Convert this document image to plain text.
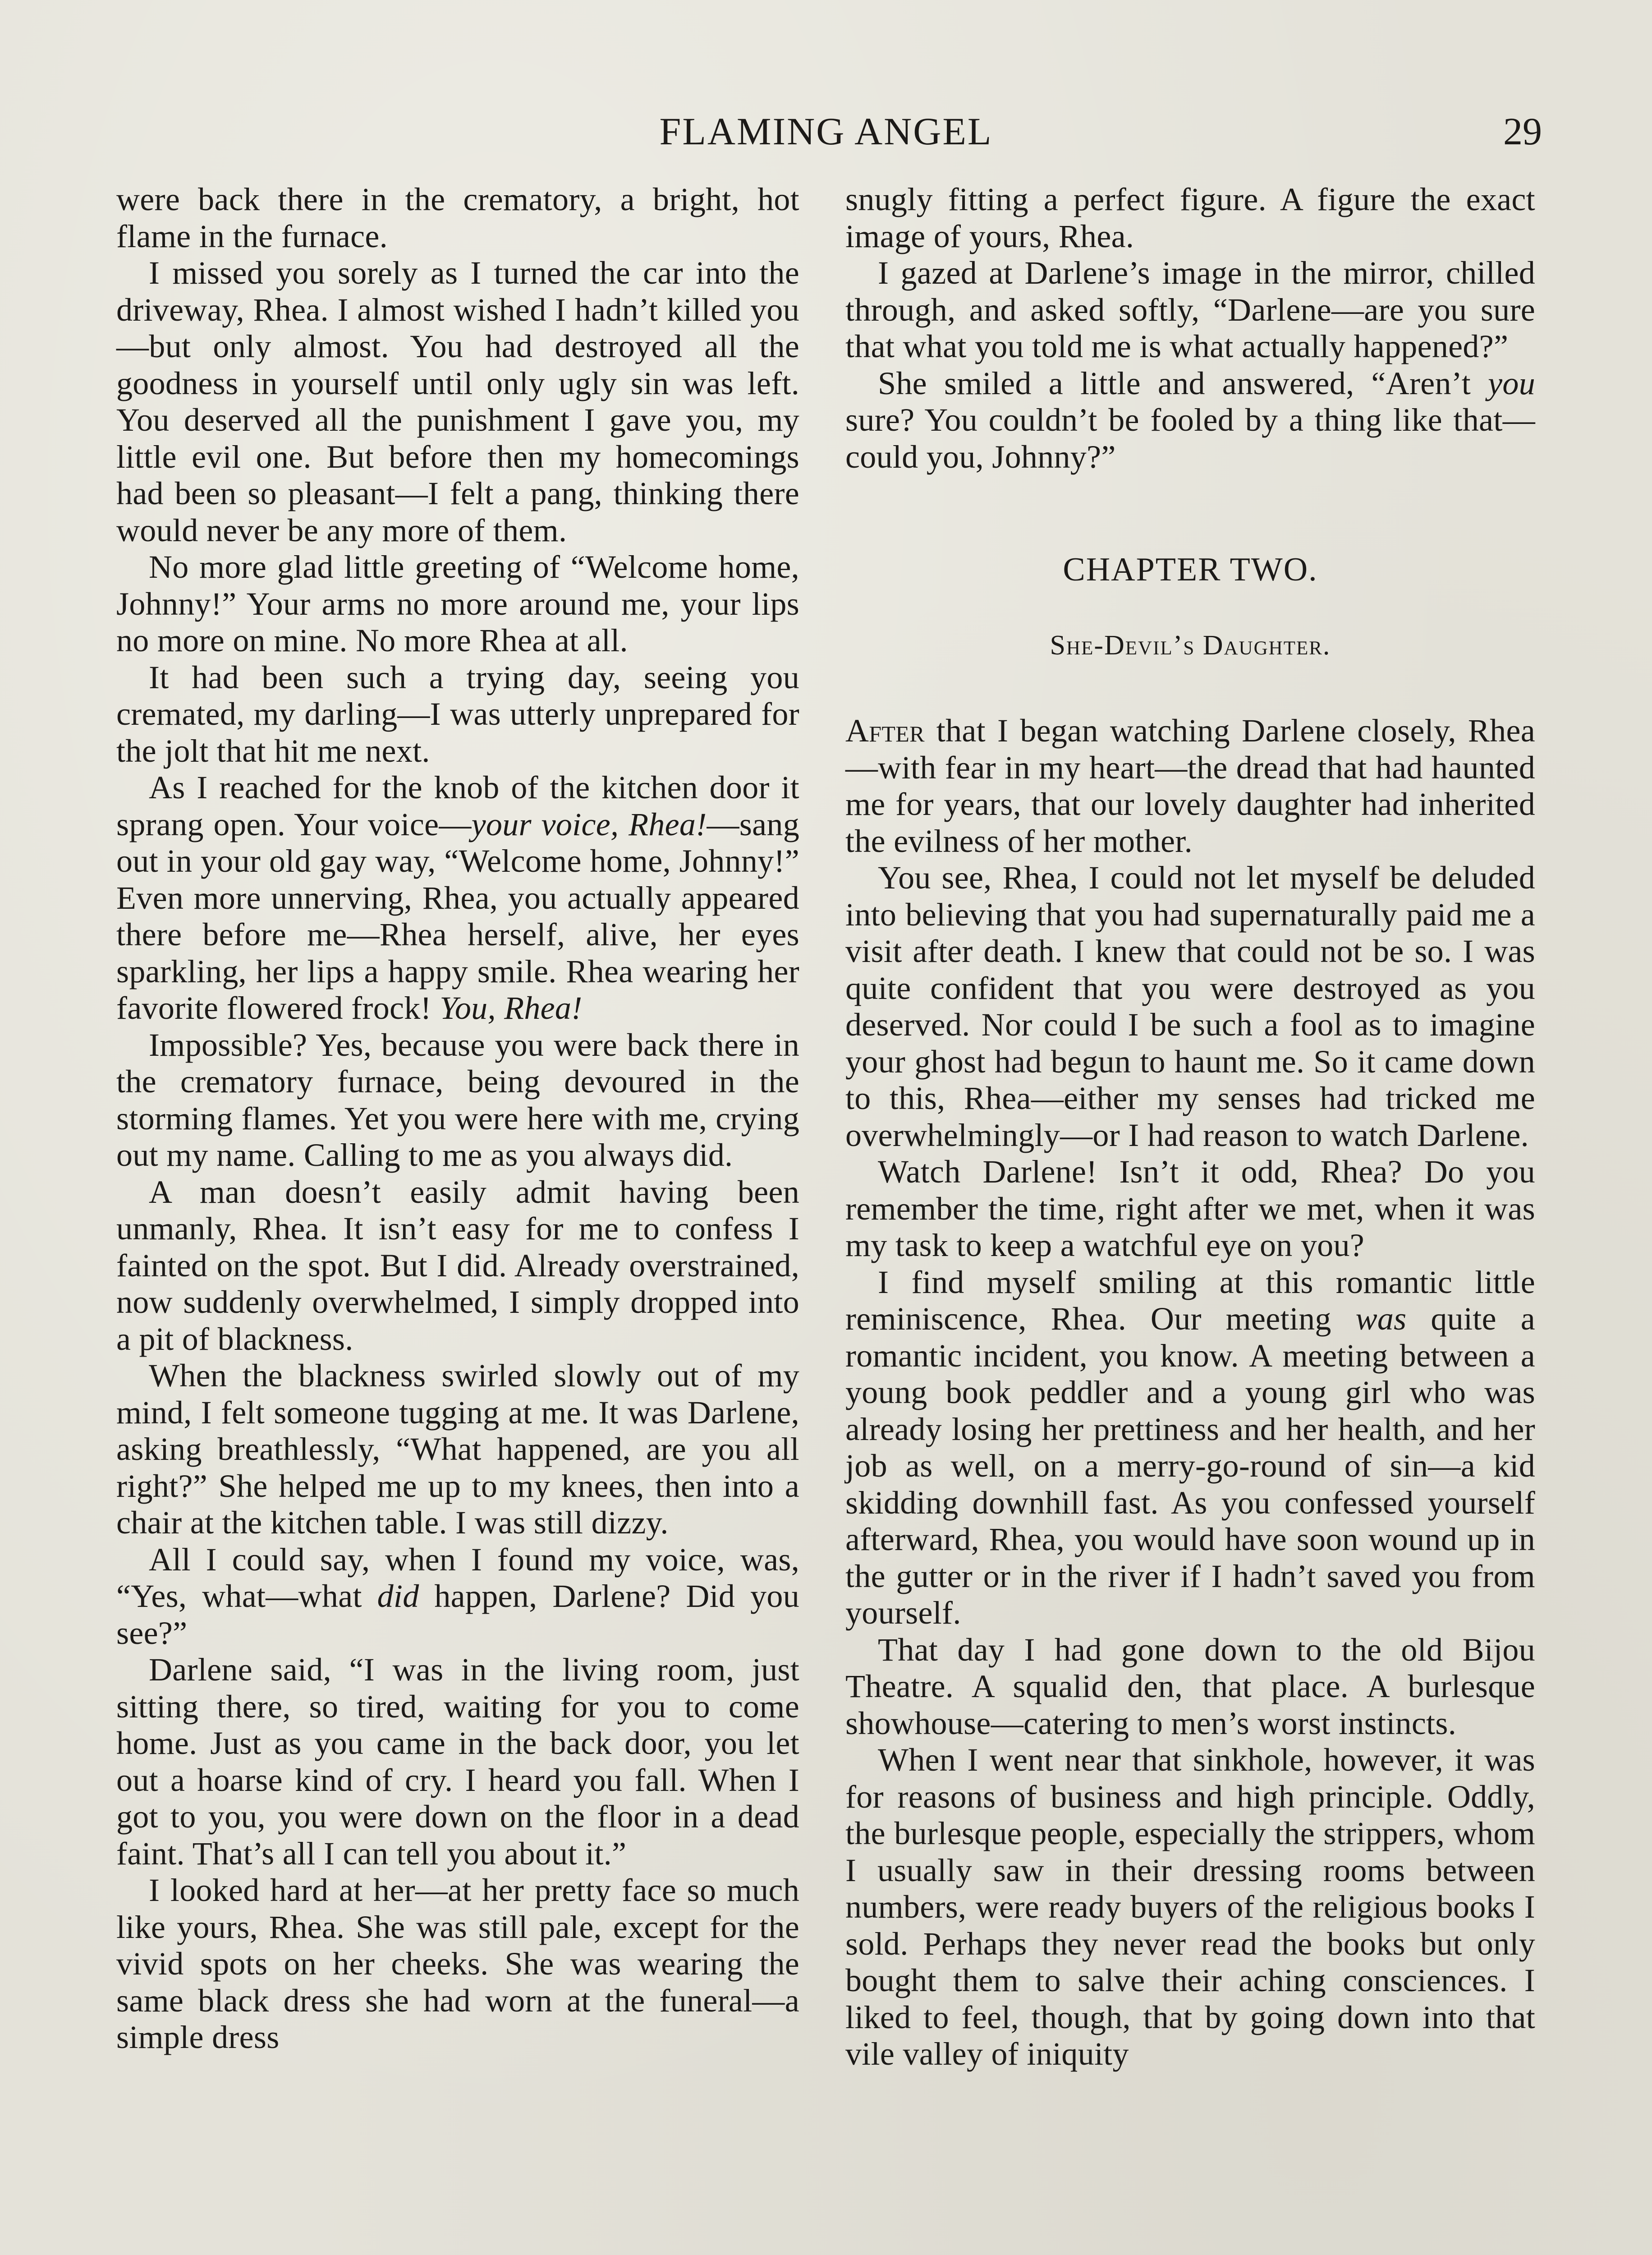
FLAMING ANGEL	29

were back there in the crematory, a bright, hot flame in the furnace.

I missed you sorely as I turned the car into the driveway, Rhea. I almost wished I hadn’t killed you—but only almost. You had destroyed all the goodness in yourself until only ugly sin was left. You deserved all the punishment I gave you, my little evil one. But before then my homecomings had been so pleasant—I felt a pang, thinking there would never be any more of them.

No more glad little greeting of “Welcome home, Johnny!” Your arms no more around me, your lips no more on mine. No more Rhea at all.

It had been such a trying day, seeing you cremated, my darling—I was utterly unprepared for the jolt that hit me next.

As I reached for the knob of the kitchen door it sprang open. Your voice—your voice, Rhea!—sang out in your old gay way, “Welcome home, Johnny!” Even more unnerving, Rhea, you actually appeared there before me—Rhea herself, alive, her eyes sparkling, her lips a happy smile. Rhea wearing her favorite flowered frock! You, Rhea!

Impossible? Yes, because you were back there in the crematory furnace, being devoured in the storming flames. Yet you were here with me, crying out my name. Calling to me as you always did.

A man doesn’t easily admit having been unmanly, Rhea. It isn’t easy for me to confess I fainted on the spot. But I did. Already overstrained, now suddenly overwhelmed, I simply dropped into a pit of blackness.

When the blackness swirled slowly out of my mind, I felt someone tugging at me. It was Darlene, asking breathlessly, “What happened, are you all right?” She helped me up to my knees, then into a chair at the kitchen table. I was still dizzy.

All I could say, when I found my voice, was, “Yes, what—what did happen, Darlene? Did you see?”

Darlene said, “I was in the living room, just sitting there, so tired, waiting for you to come home. Just as you came in the back door, you let out a hoarse kind of cry. I heard you fall. When I got to you, you were down on the floor in a dead faint. That’s all I can tell you about it.”

I looked hard at her—at her pretty face so much like yours, Rhea. She was still pale, except for the vivid spots on her cheeks. She was wearing the same black dress she had worn at the funeral—a simple dress

snugly fitting a perfect figure. A figure the exact image of yours, Rhea.

I gazed at Darlene’s image in the mirror, chilled through, and asked softly, “Darlene—are you sure that what you told me is what actually happened?”

She smiled a little and answered, “Aren’t you sure? You couldn’t be fooled by a thing like that—could you, Johnny?”

CHAPTER TWO.
She-Devil’s Daughter.

After that I began watching Darlene closely, Rhea—with fear in my heart—the dread that had haunted me for years, that our lovely daughter had inherited the evilness of her mother.

You see, Rhea, I could not let myself be deluded into believing that you had supernaturally paid me a visit after death. I knew that could not be so. I was quite confident that you were destroyed as you deserved. Nor could I be such a fool as to imagine your ghost had begun to haunt me. So it came down to this, Rhea—either my senses had tricked me overwhelmingly—or I had reason to watch Darlene.

Watch Darlene! Isn’t it odd, Rhea? Do you remember the time, right after we met, when it was my task to keep a watchful eye on you?

I find myself smiling at this romantic little reminiscence, Rhea. Our meeting was quite a romantic incident, you know. A meeting between a young book peddler and a young girl who was already losing her prettiness and her health, and her job as well, on a merry-go-round of sin—a kid skidding downhill fast. As you confessed yourself afterward, Rhea, you would have soon wound up in the gutter or in the river if I hadn’t saved you from yourself.

That day I had gone down to the old Bijou Theatre. A squalid den, that place. A burlesque showhouse—catering to men’s worst instincts.

When I went near that sinkhole, however, it was for reasons of business and high principle. Oddly, the burlesque people, especially the strippers, whom I usually saw in their dressing rooms between numbers, were ready buyers of the religious books I sold. Perhaps they never read the books but only bought them to salve their aching consciences. I liked to feel, though, that by going down into that vile valley of iniquity
